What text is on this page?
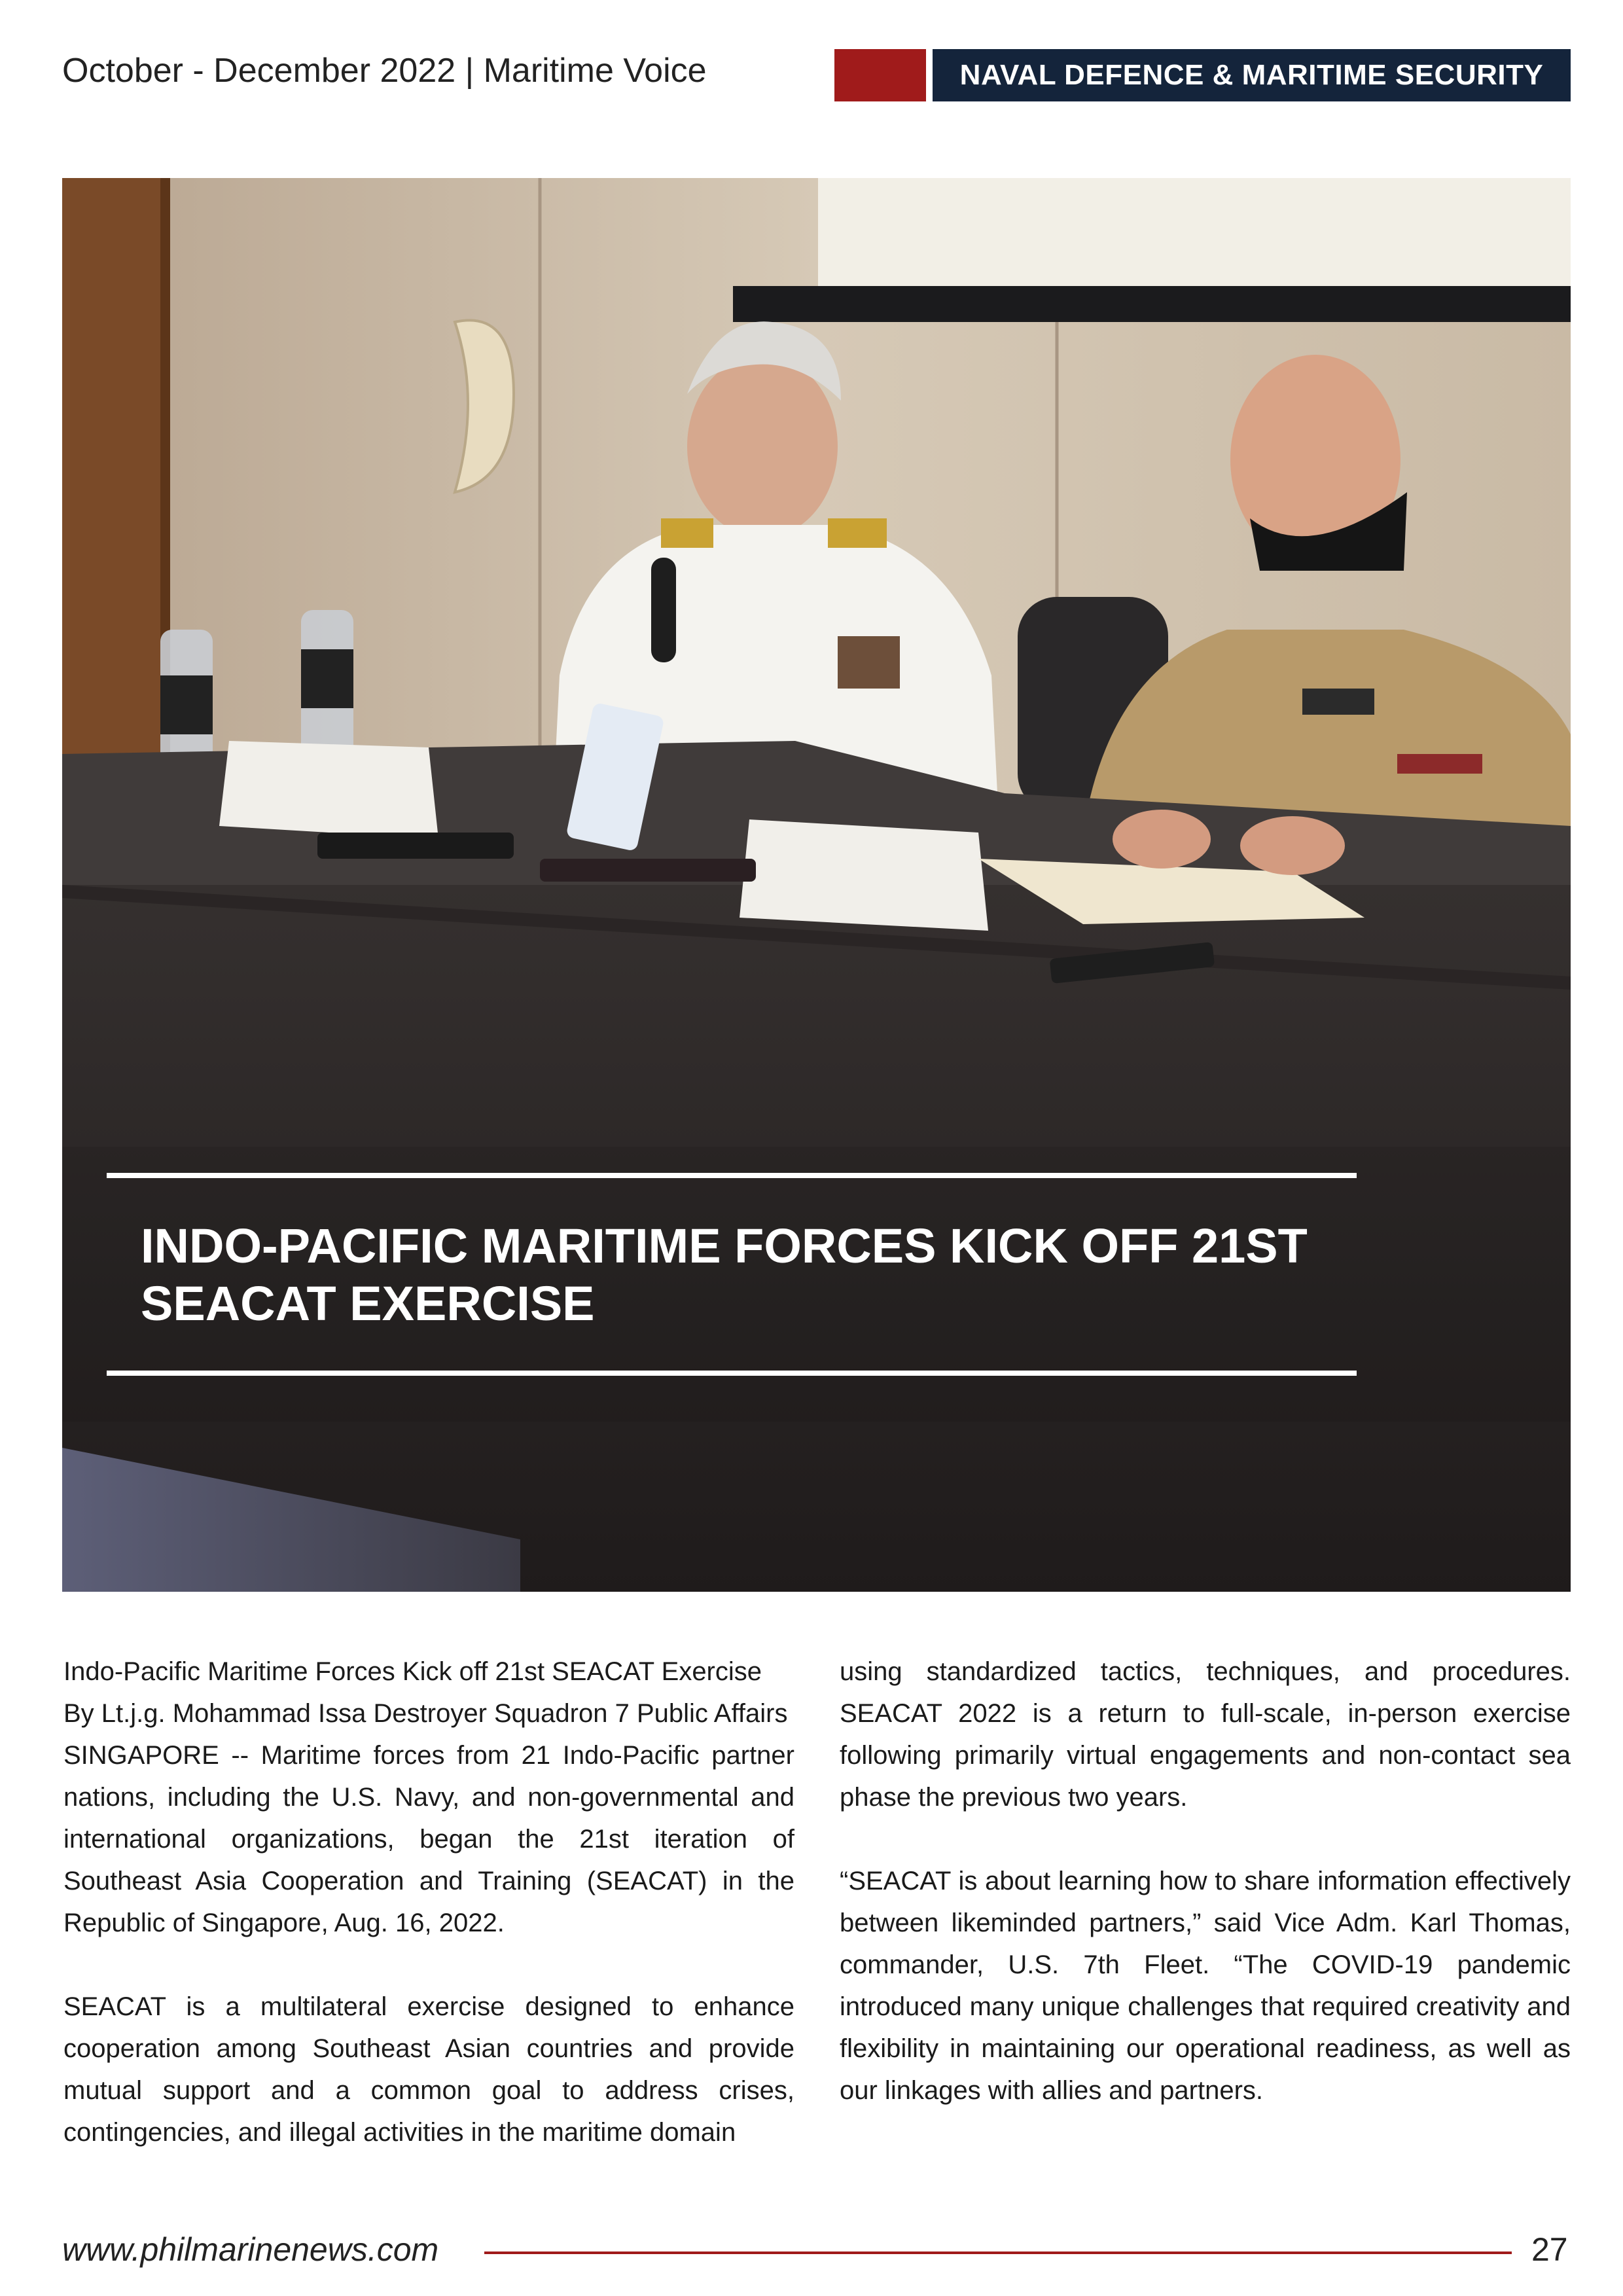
October - December 2022 | Maritime Voice	NAVAL DEFENCE & MARITIME SECURITY
INDO-PACIFIC MARITIME FORCES KICK OFF 21ST SEACAT EXERCISE

Indo-Pacific Maritime Forces Kick off 21st SEACAT Exercise

By Lt.j.g. Mohammad Issa Destroyer Squadron 7 Public Affairs

SINGAPORE -- Maritime forces from 21 Indo-Pacific partner nations, including the U.S. Navy, and non-governmental and international organizations, began the 21st iteration of Southeast Asia Cooperation and Training (SEACAT) in the Republic of Singapore, Aug. 16, 2022.

SEACAT is a multilateral exercise designed to enhance cooperation among Southeast Asian countries and provide mutual support and a common goal to address crises, contingencies, and illegal activities in the maritime domain

using standardized tactics, techniques, and procedures. SEACAT 2022 is a return to full-scale, in-person exercise following primarily virtual engagements and non-contact sea phase the previous two years.

“SEACAT is about learning how to share information effectively between likeminded partners,” said Vice Adm. Karl Thomas, commander, U.S. 7th Fleet. “The COVID-19 pandemic introduced many unique challenges that required creativity and flexibility in maintaining our operational readiness, as well as our linkages with allies and partners.

www.philmarinenews.com	27
